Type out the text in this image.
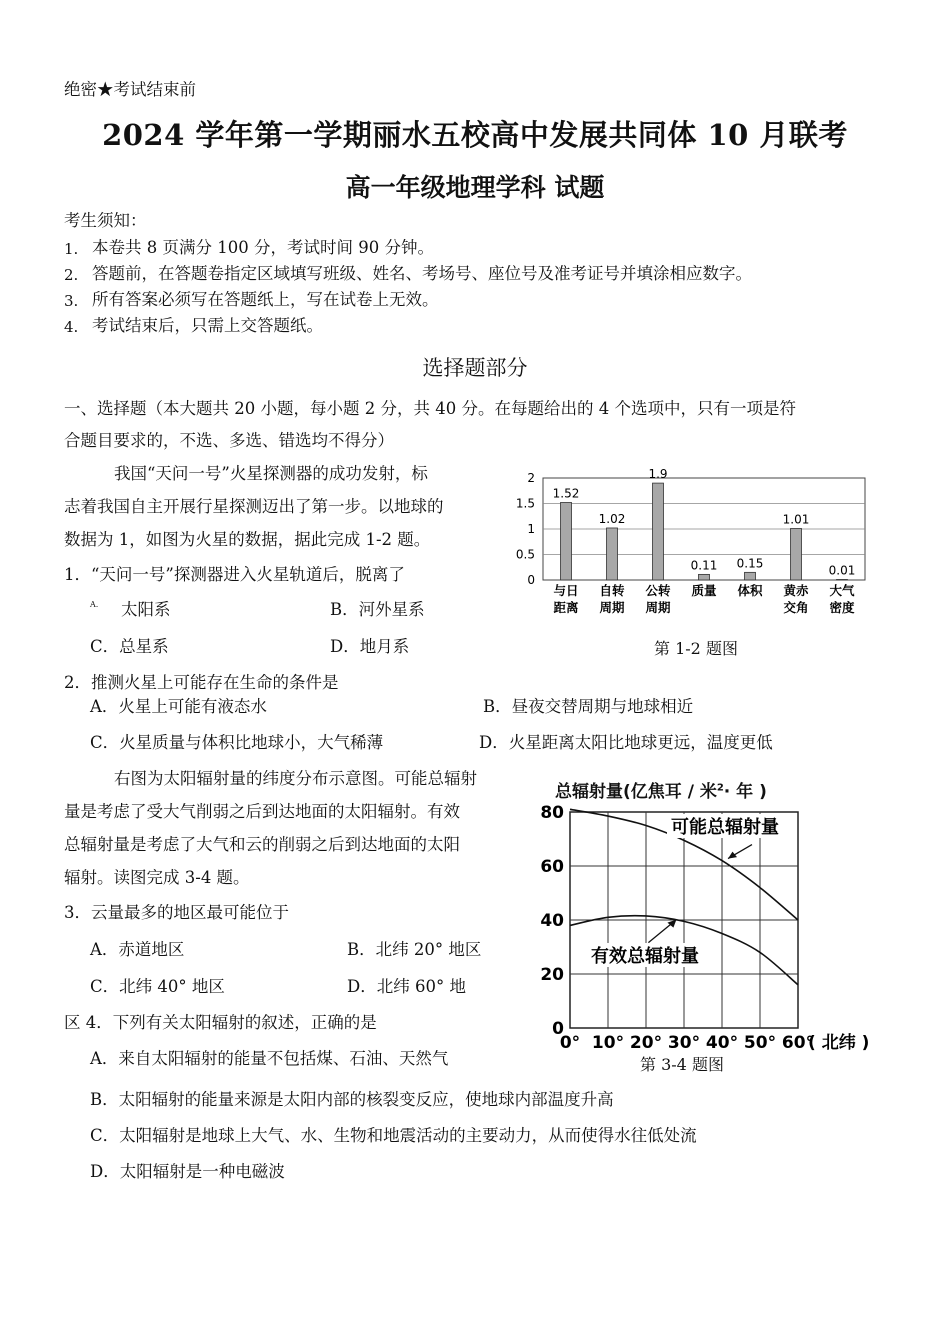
绝密★考试结束前
2024 学年第一学期丽水五校高中发展共同体 10 月联考
高一年级地理学科 试题
考生须知：
1. 本卷共 8 页满分 100 分，考试时间 90 分钟。
2. 答题前，在答题卷指定区域填写班级、姓名、考场号、座位号及准考证号并填涂相应数字。
3. 所有答案必须写在答题纸上，写在试卷上无效。
4. 考试结束后，只需上交答题纸。
选择题部分
一、选择题（本大题共 20 小题，每小题 2 分，共 40 分。在每题给出的 4 个选项中，只有一项是符
合题目要求的，不选、多选、错选均不得分）
我国“天问一号”火星探测器的成功发射，标
志着我国自主开展行星探测迈出了第一步。以地球的
数据为 1，如图为火星的数据，据此完成 1-2 题。
1．“天问一号”探测器进入火星轨道后，脱离了
A. 太阳系	B．河外星系
C．总星系	D．地月系
0
0.5
1
1.5
2
1.52
与日
距离
1.02
自转
周期
1.9
公转
周期
0.11
质量
0.15
体积
1.01
黄赤
交角
0.01
大气
密度
第 1-2 题图
2．推测火星上可能存在生命的条件是
A．火星上可能有液态水	B．昼夜交替周期与地球相近
C．火星质量与体积比地球小，大气稀薄	D．火星距离太阳比地球更远，温度更低
右图为太阳辐射量的纬度分布示意图。可能总辐射
量是考虑了受大气削弱之后到达地面的太阳辐射。有效
总辐射量是考虑了大气和云的削弱之后到达地面的太阳
辐射。读图完成 3-4 题。
3．云量最多的地区最可能位于
A．赤道地区	B．北纬 20° 地区
C．北纬 40° 地区	D．北纬 60° 地
区 4．下列有关太阳辐射的叙述，正确的是
A．来自太阳辐射的能量不包括煤、石油、天然气
B．太阳辐射的能量来源是太阳内部的核裂变反应，使地球内部温度升高
C．太阳辐射是地球上大气、水、生物和地震活动的主要动力，从而使得水往低处流
D．太阳辐射是一种电磁波
总辐射量(亿焦耳 / 米$^2$· 年 )
0° 10° 20° 30° 40° 50° 60°
0
20
40
60
80
( 北纬 )
可能总辐射量
有效总辐射量
第 3-4 题图
